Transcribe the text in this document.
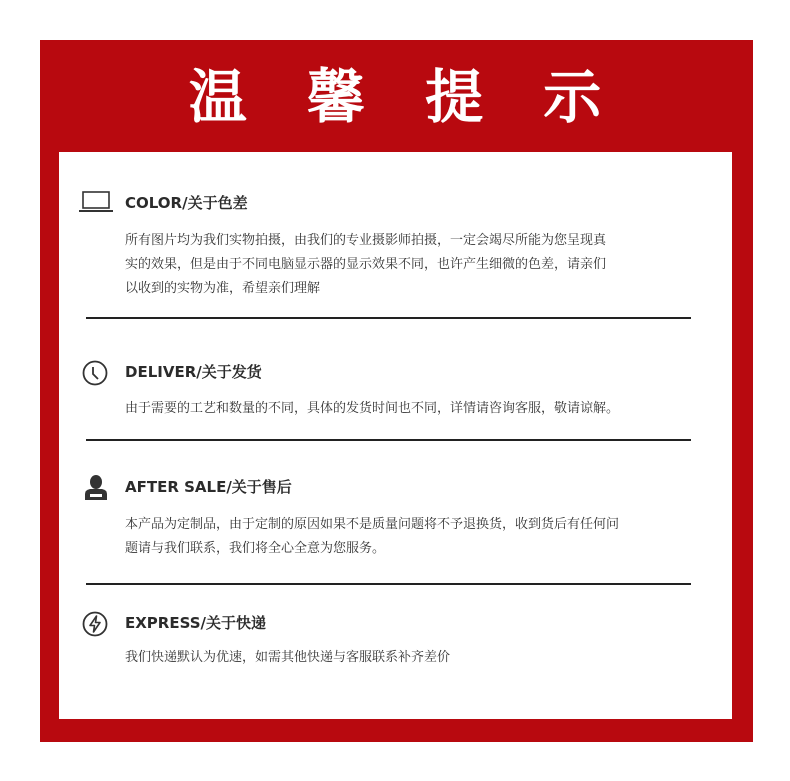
温 馨 提 示
COLOR/关于色差
所有图片均为我们实物拍摄，由我们的专业摄影师拍摄，一定会竭尽所能为您呈现真
实的效果，但是由于不同电脑显示器的显示效果不同，也许产生细微的色差，请亲们
以收到的实物为准，希望亲们理解
DELIVER/关于发货
由于需要的工艺和数量的不同，具体的发货时间也不同，详情请咨询客服，敬请谅解。
AFTER SALE/关于售后
本产品为定制品，由于定制的原因如果不是质量问题将不予退换货，收到货后有任何问
题请与我们联系，我们将全心全意为您服务。
EXPRESS/关于快递
我们快递默认为优速，如需其他快递与客服联系补齐差价
